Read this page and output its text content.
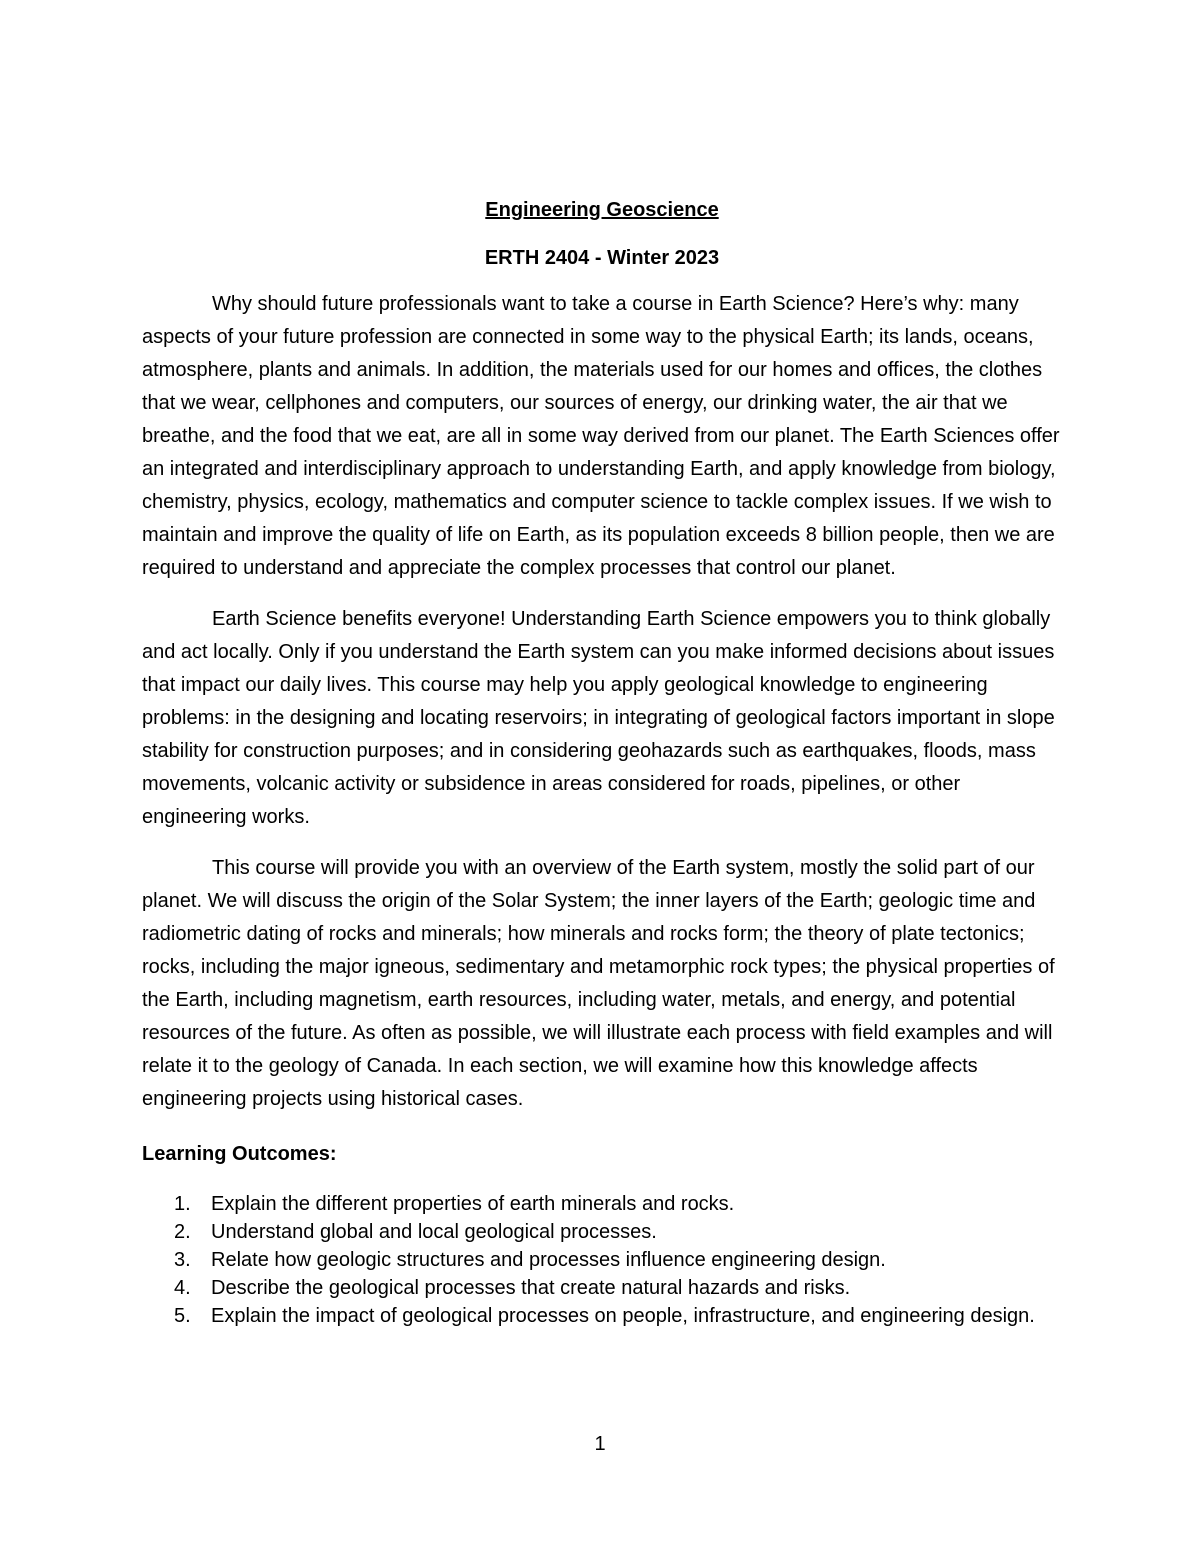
Engineering Geoscience
ERTH 2404 - Winter 2023

Why should future professionals want to take a course in Earth Science? Here’s why: many aspects of your future profession are connected in some way to the physical Earth; its lands, oceans, atmosphere, plants and animals. In addition, the materials used for our homes and offices, the clothes that we wear, cellphones and computers, our sources of energy, our drinking water, the air that we breathe, and the food that we eat, are all in some way derived from our planet. The Earth Sciences offer an integrated and interdisciplinary approach to understanding Earth, and apply knowledge from biology, chemistry, physics, ecology, mathematics and computer science to tackle complex issues. If we wish to maintain and improve the quality of life on Earth, as its population exceeds 8 billion people, then we are required to understand and appreciate the complex processes that control our planet.

Earth Science benefits everyone! Understanding Earth Science empowers you to think globally and act locally. Only if you understand the Earth system can you make informed decisions about issues that impact our daily lives. This course may help you apply geological knowledge to engineering problems: in the designing and locating reservoirs; in integrating of geological factors important in slope stability for construction purposes; and in considering geohazards such as earthquakes, floods, mass movements, volcanic activity or subsidence in areas considered for roads, pipelines, or other engineering works.

This course will provide you with an overview of the Earth system, mostly the solid part of our planet. We will discuss the origin of the Solar System; the inner layers of the Earth; geologic time and radiometric dating of rocks and minerals; how minerals and rocks form; the theory of plate tectonics; rocks, including the major igneous, sedimentary and metamorphic rock types; the physical properties of the Earth, including magnetism, earth resources, including water, metals, and energy, and potential resources of the future. As often as possible, we will illustrate each process with field examples and will relate it to the geology of Canada. In each section, we will examine how this knowledge affects engineering projects using historical cases.

Learning Outcomes:
1. Explain the different properties of earth minerals and rocks.
2. Understand global and local geological processes.
3. Relate how geologic structures and processes influence engineering design.
4. Describe the geological processes that create natural hazards and risks.
5. Explain the impact of geological processes on people, infrastructure, and engineering design.
1
